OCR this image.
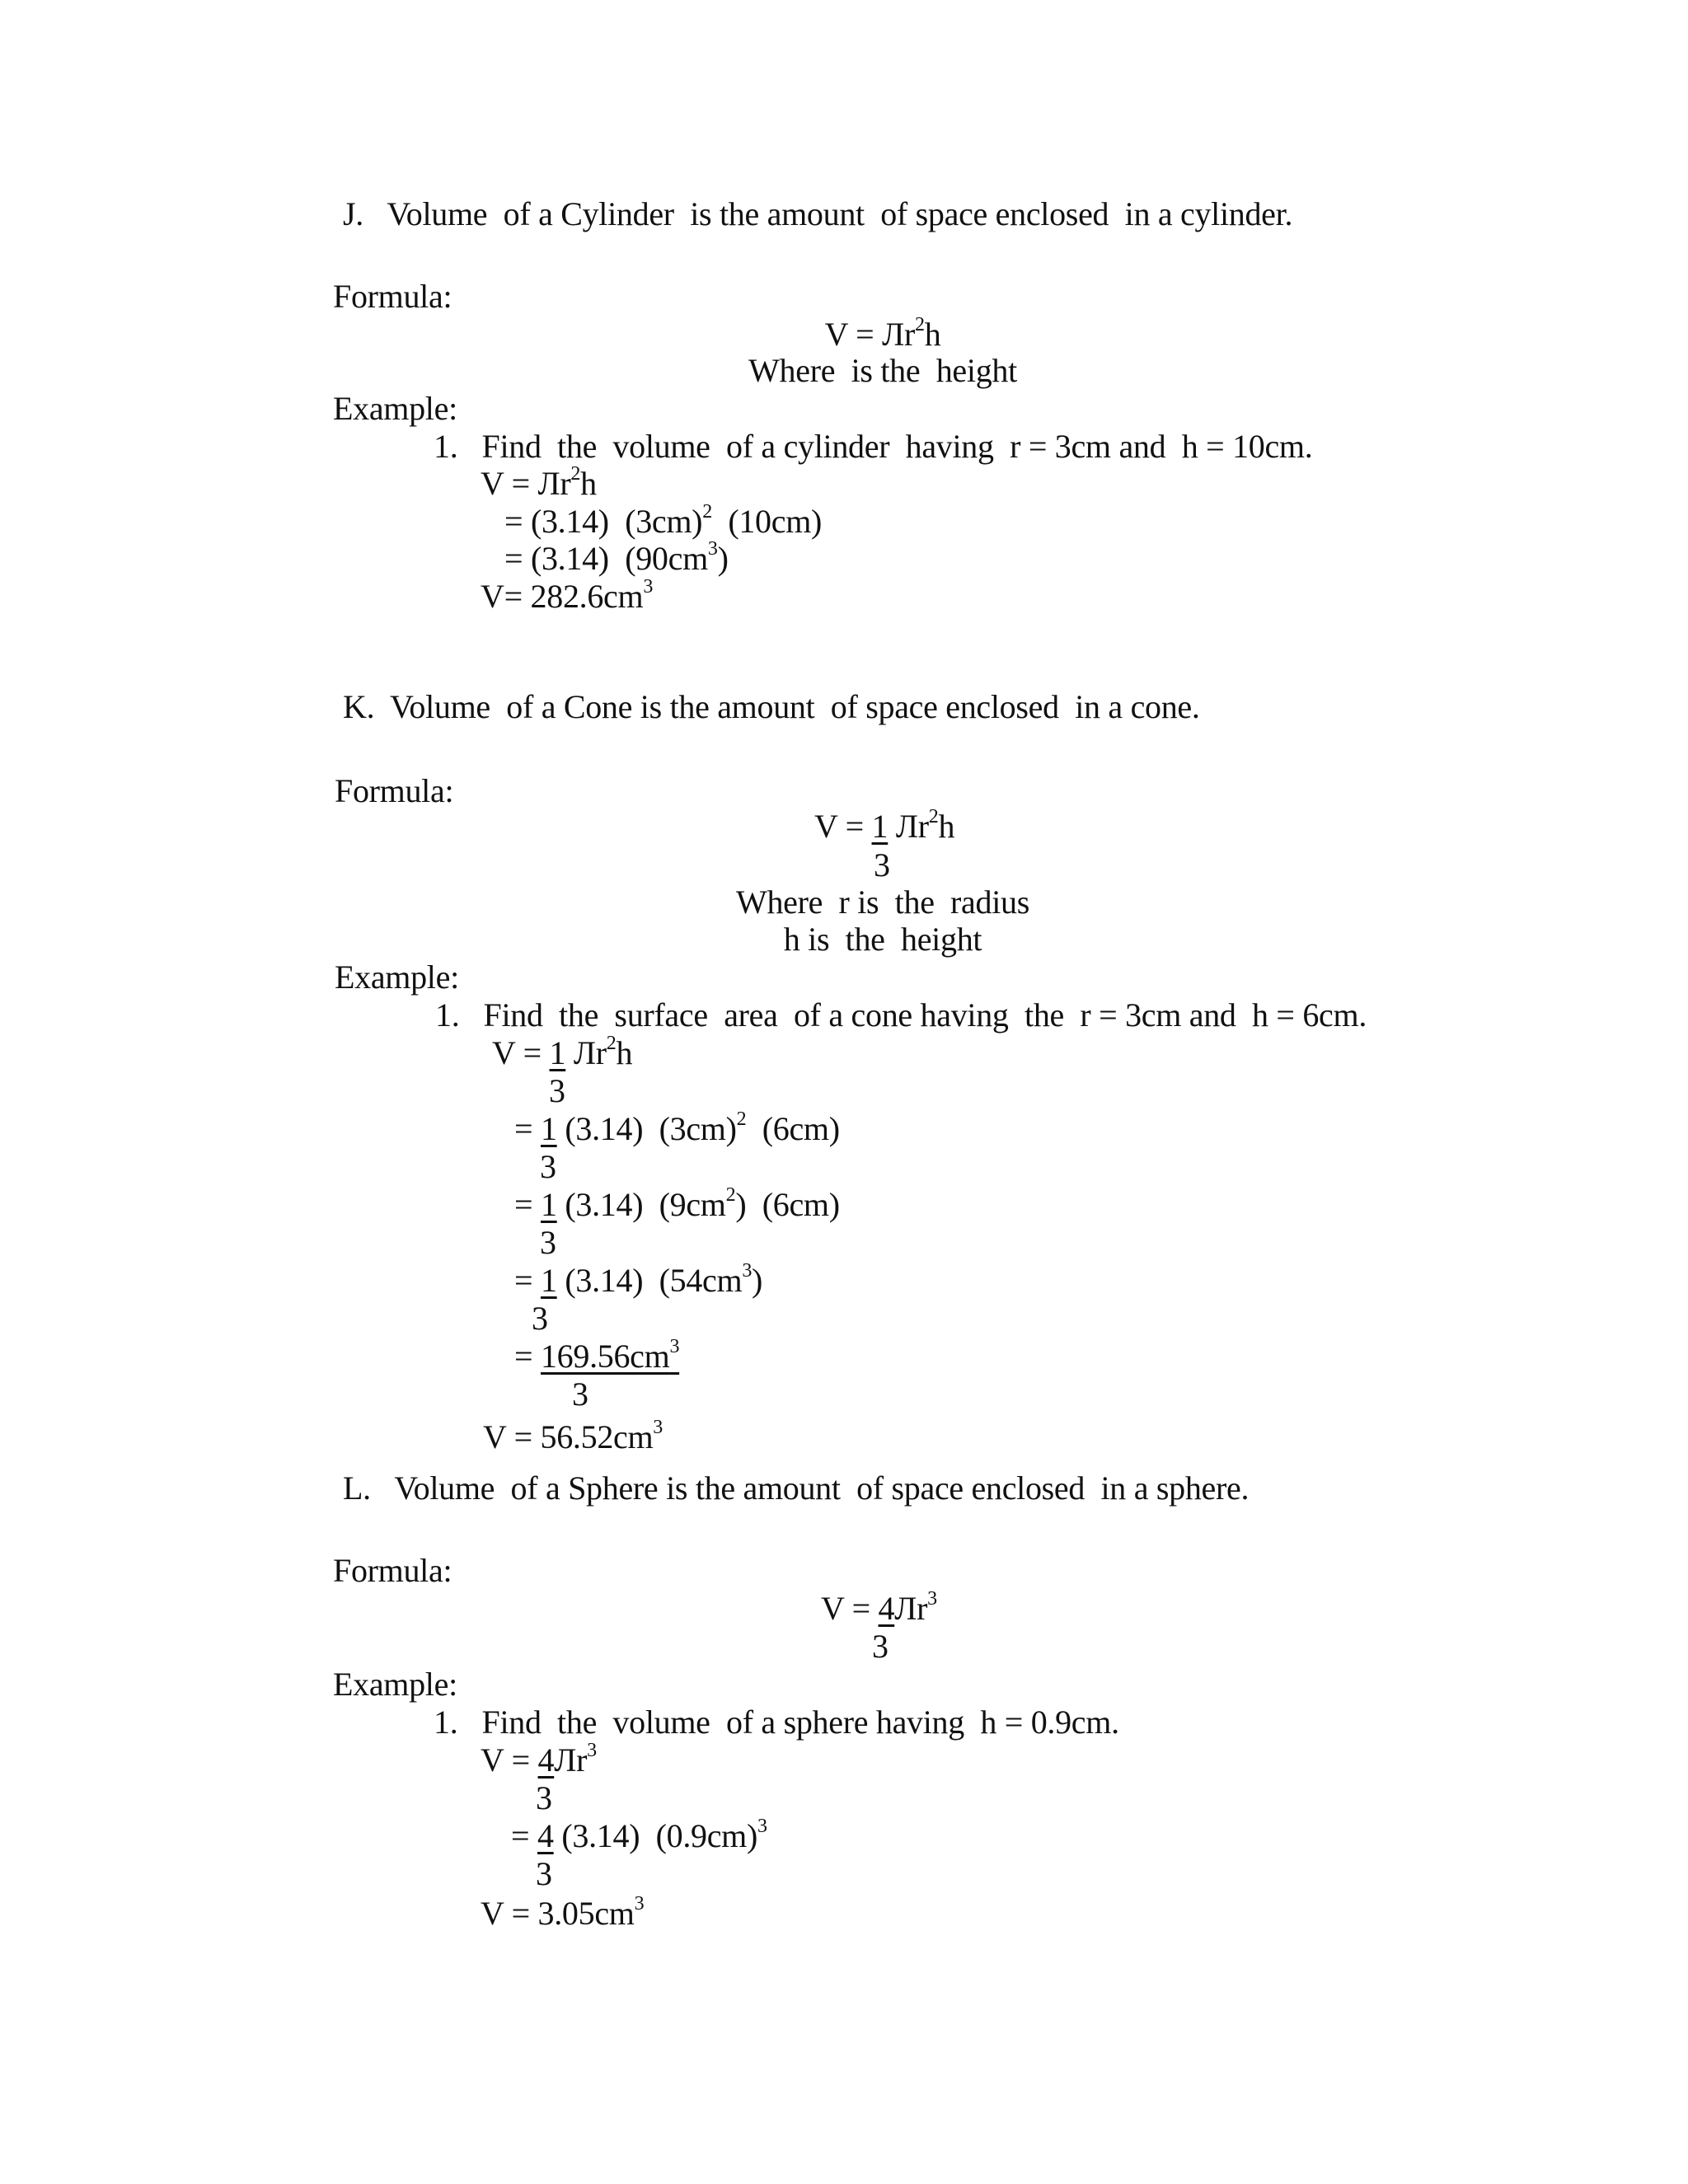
J.   Volume  of a Cylinder  is the amount  of space enclosed  in a cylinder.
Formula:
$V = Лr^2h$
Where  is the  height
Example:
1.   Find  the  volume  of a cylinder  having  r = 3cm and  h = 10cm.
$V = Лr^2h$
= (3.14)  $(3cm)^2$  (10cm)
= (3.14)  $(90cm^3)$
$V= 282.6cm^3$
K.  Volume  of a Cone is the amount  of space enclosed  in a cone.
Formula:
V = 1 $Лr^2h$
3
Where  r is  the  radius
h is  the  height
Example:
1.   Find  the  surface  area  of a cone having  the  r = 3cm and  h = 6cm.
V = 1 $Лr^2h$
3
= 1 (3.14)  $(3cm)^2$  (6cm)
3
= 1 (3.14)  $(9cm^2)$  (6cm)
3
= 1 (3.14)  $(54cm^3)$
3
= $169.56cm^3$
3
$V = 56.52cm^3$
L.   Volume  of a Sphere is the amount  of space enclosed  in a sphere.
Formula:
$V = 4Лr^3$
3
Example:
1.   Find  the  volume  of a sphere having  h = 0.9cm.
$V = 4Лr^3$
3
= 4 (3.14)  $(0.9cm)^3$
3
$V = 3.05cm^3$
